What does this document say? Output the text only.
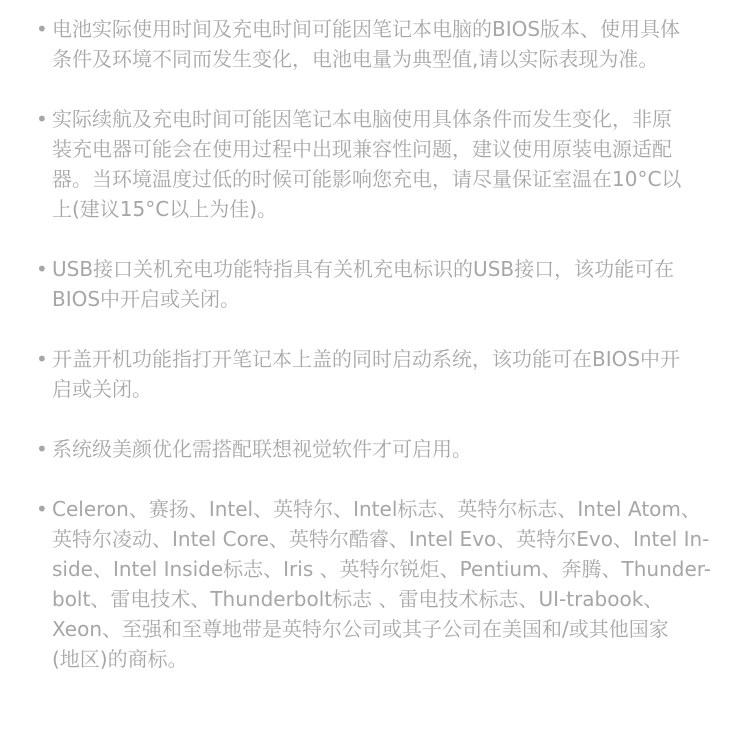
• 电池实际使用时间及充电时间可能因笔记本电脑的BIOS版本、使用具体
条件及环境不同而发生变化，电池电量为典型值,请以实际表现为准。
• 实际续航及充电时间可能因笔记本电脑使用具体条件而发生变化，非原
装充电器可能会在使用过程中出现兼容性问题，建议使用原装电源适配
器。当环境温度过低的时候可能影响您充电，请尽量保证室温在10°C以
上(建议15°C以上为佳)。
• USB接口关机充电功能特指具有关机充电标识的USB接口，该功能可在
BIOS中开启或关闭。
• 开盖开机功能指打开笔记本上盖的同时启动系统，该功能可在BIOS中开
启或关闭。
• 系统级美颜优化需搭配联想视觉软件才可启用。
• Celeron、赛扬、Intel、英特尔、Intel标志、英特尔标志、Intel Atom、
英特尔凌动、Intel Core、英特尔酷睿、Intel Evo、英特尔Evo、Intel In-
side、Intel Inside标志、Iris 、英特尔锐炬、Pentium、奔腾、Thunder-
bolt、雷电技术、Thunderbolt标志 、雷电技术标志、UI-trabook、
Xeon、至强和至尊地带是英特尔公司或其子公司在美国和/或其他国家
(地区)的商标。
